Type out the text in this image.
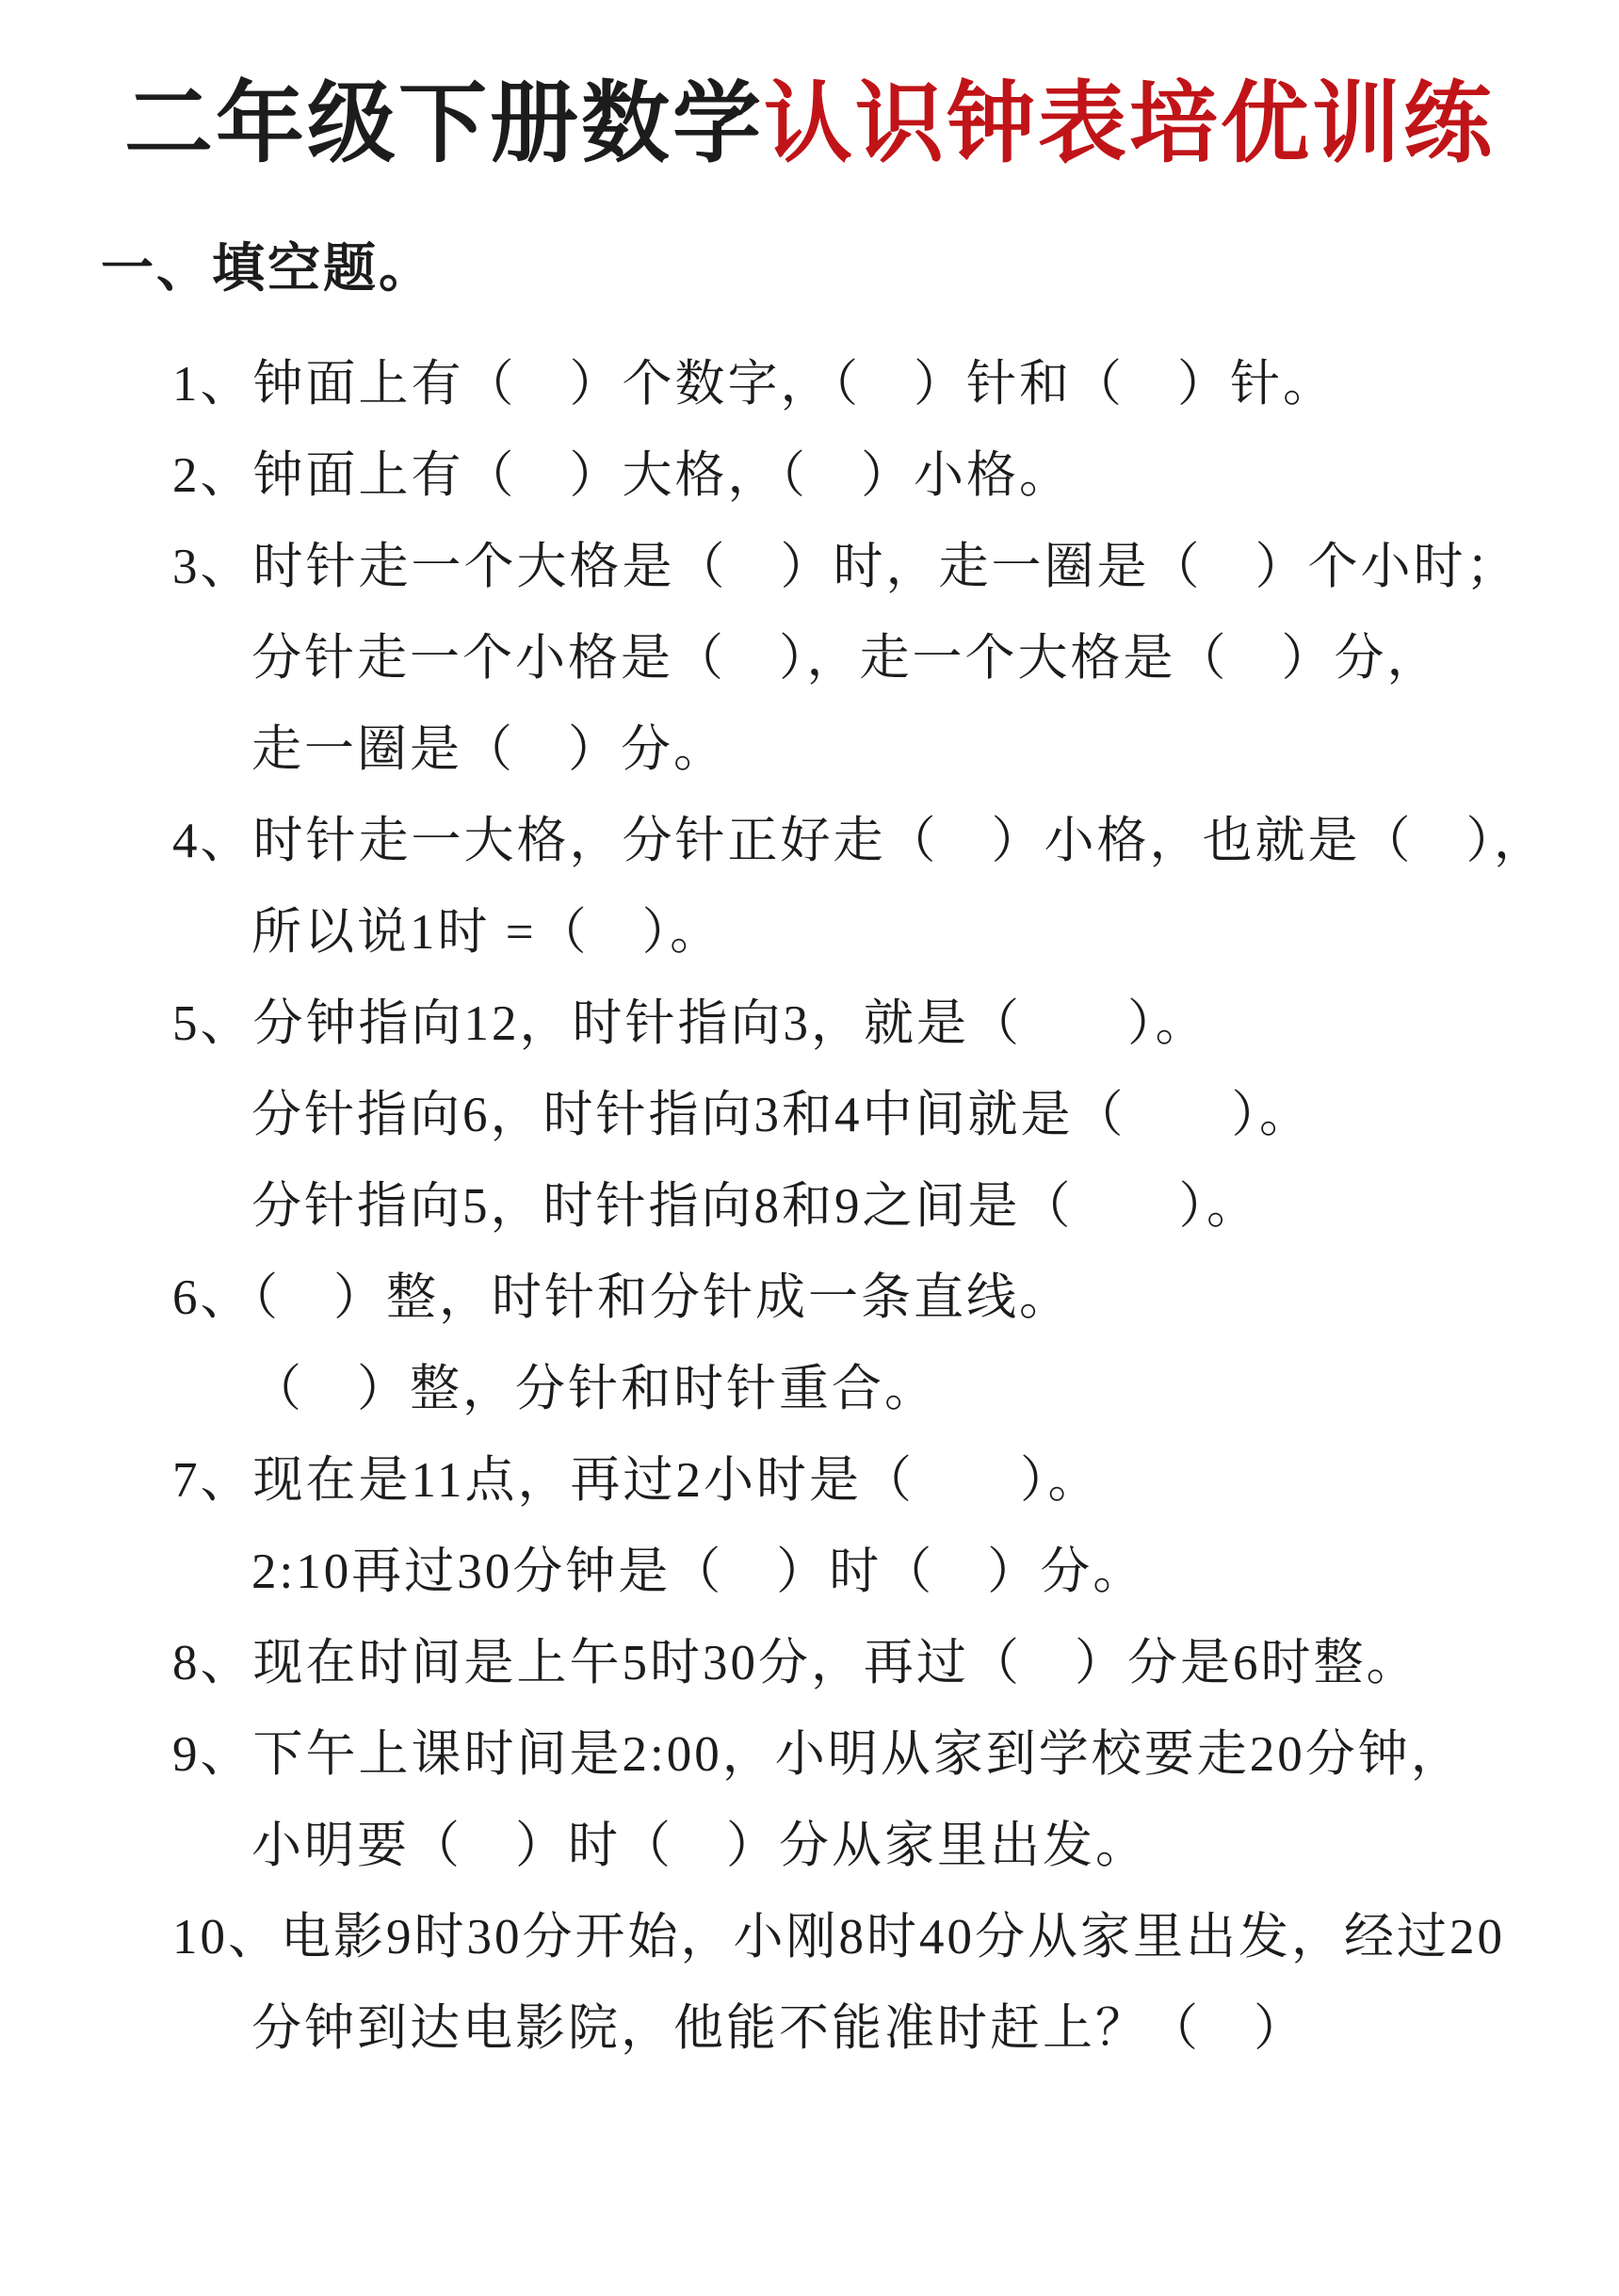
二年级下册数学认识钟表培优训练
一、填空题。
1、钟面上有（　）个数字，（　）针和（　）针。
2、钟面上有（　）大格，（　）小格。
3、时针走一个大格是（　）时，走一圈是（　）个小时；
分针走一个小格是（　），走一个大格是（　）分，
走一圈是（　）分。
4、时针走一大格，分针正好走（　）小格，也就是（　），
所以说1时 =（　）。
5、分钟指向12，时针指向3，就是（　　）。
分针指向6，时针指向3和4中间就是（　　）。
分针指向5，时针指向8和9之间是（　　）。
6、（　）整，时针和分针成一条直线。
（　）整，分针和时针重合。
7、现在是11点，再过2小时是（　　）。
2:10再过30分钟是（　）时（　）分。
8、现在时间是上午5时30分，再过（　）分是6时整。
9、下午上课时间是2:00，小明从家到学校要走20分钟，
小明要（　）时（　）分从家里出发。
10、电影9时30分开始，小刚8时40分从家里出发，经过20
分钟到达电影院，他能不能准时赶上？（　）
